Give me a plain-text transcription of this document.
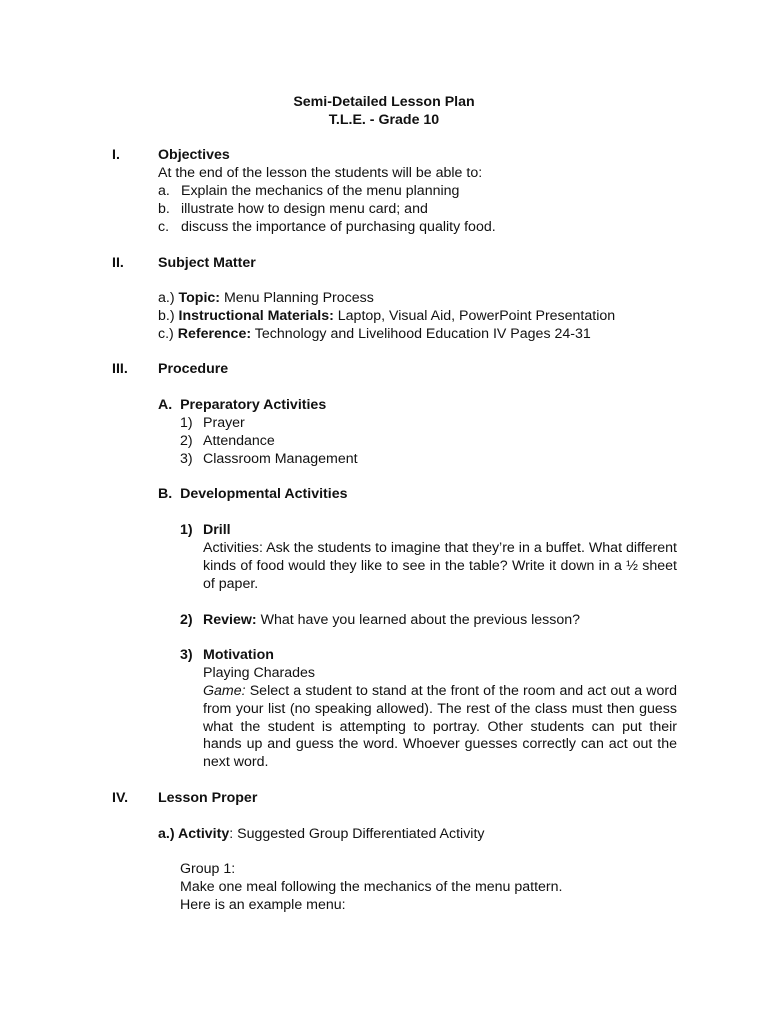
Semi-Detailed Lesson Plan
T.L.E. - Grade 10
I.	Objectives
At the end of the lesson the students will be able to:
a. Explain the mechanics of the menu planning
b. illustrate how to design menu card; and
c. discuss the importance of purchasing quality food.
II. Subject Matter
a.) Topic: Menu Planning Process
b.) Instructional Materials: Laptop, Visual Aid, PowerPoint Presentation
c.) Reference: Technology and Livelihood Education IV Pages 24-31
III. Procedure
A.  Preparatory Activities
1) Prayer
2) Attendance
3) Classroom Management
B.  Developmental Activities
1) Drill
Activities: Ask the students to imagine that they’re in a buffet. What different kinds of food would they like to see in the table? Write it down in a ½ sheet of paper.
2) Review: What have you learned about the previous lesson?
3) Motivation
Playing Charades
Game: Select a student to stand at the front of the room and act out a word from your list (no speaking allowed). The rest of the class must then guess what the student is attempting to portray. Other students can put their hands up and guess the word. Whoever guesses correctly can act out the next word.
IV. Lesson Proper
a.) Activity: Suggested Group Differentiated Activity
Group 1:
Make one meal following the mechanics of the menu pattern.
Here is an example menu:
